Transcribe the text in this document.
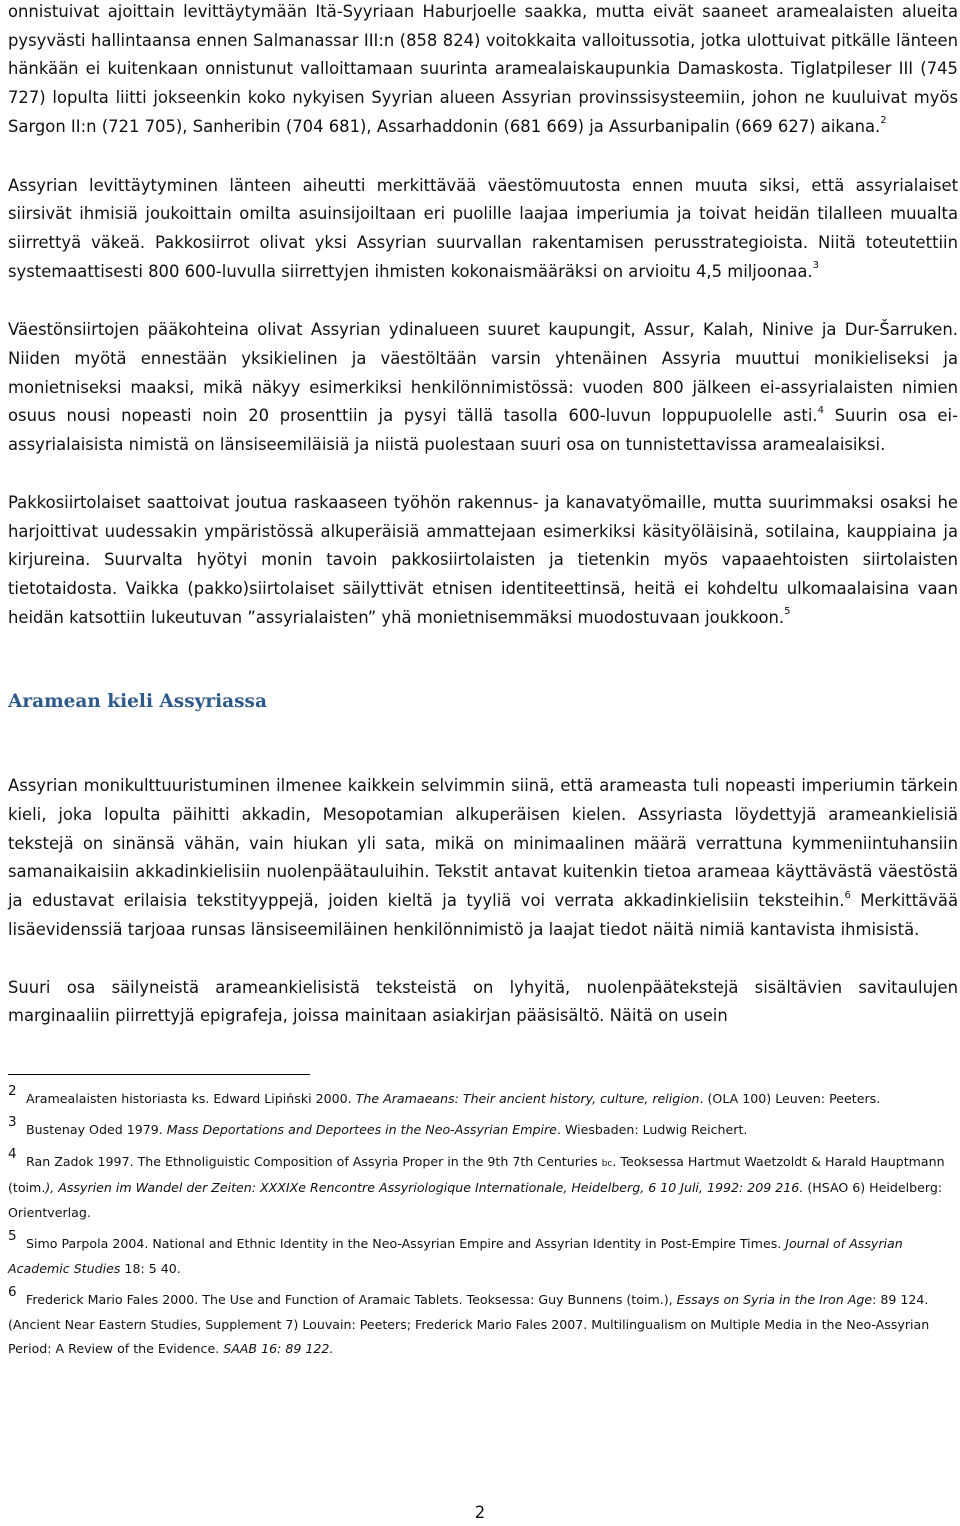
onnistuivat ajoittain levittäytymään Itä-Syyriaan Haburjoelle saakka, mutta eivät saaneet aramealaisten alueita pysyvästi hallintaansa ennen Salmanassar III:n (858 824) voitokkaita valloitussotia, jotka ulottuivat pitkälle länteen hänkään ei kuitenkaan onnistunut valloittamaan suurinta aramealaiskaupunkia Damaskosta. Tiglatpileser III (745 727) lopulta liitti jokseenkin koko nykyisen Syyrian alueen Assyrian provinssisysteemiin, johon ne kuuluivat myös Sargon II:n (721 705), Sanheribin (704 681), Assarhaddonin (681 669) ja Assurbanipalin (669 627) aikana.$^2$

Assyrian levittäytyminen länteen aiheutti merkittävää väestömuutosta ennen muuta siksi, että assyrialaiset siirsivät ihmisiä joukoittain omilta asuinsijoiltaan eri puolille laajaa imperiumia ja toivat heidän tilalleen muualta siirrettyä väkeä. Pakkosiirrot olivat yksi Assyrian suurvallan rakentamisen perusstrategioista. Niitä toteutettiin systemaattisesti 800 600-luvulla siirrettyjen ihmisten kokonaismääräksi on arvioitu 4,5 miljoonaa.$^3$

Väestönsiirtojen pääkohteina olivat Assyrian ydinalueen suuret kaupungit, Assur, Kalah, Ninive ja Dur-Šarruken. Niiden myötä ennestään yksikielinen ja väestöltään varsin yhtenäinen Assyria muuttui monikieliseksi ja monietniseksi maaksi, mikä näkyy esimerkiksi henkilönnimistössä: vuoden 800 jälkeen ei-assyrialaisten nimien osuus nousi nopeasti noin 20 prosenttiin ja pysyi tällä tasolla 600-luvun loppupuolelle asti.$^4$ Suurin osa ei-assyrialaisista nimistä on länsiseemiläisiä ja niistä puolestaan suuri osa on tunnistettavissa aramealaisiksi.

Pakkosiirtolaiset saattoivat joutua raskaaseen työhön rakennus- ja kanavatyömaille, mutta suurimmaksi osaksi he harjoittivat uudessakin ympäristössä alkuperäisiä ammattejaan esimerkiksi käsityöläisinä, sotilaina, kauppiaina ja kirjureina. Suurvalta hyötyi monin tavoin pakkosiirtolaisten ja tietenkin myös vapaaehtoisten siirtolaisten tietotaidosta. Vaikka (pakko)siirtolaiset säilyttivät etnisen identiteettinsä, heitä ei kohdeltu ulkomaalaisina vaan heidän katsottiin lukeutuvan ”assyrialaisten” yhä monietnisemmäksi muodostuvaan joukkoon.$^5$

Aramean kieli Assyriassa

Assyrian monikulttuuristuminen ilmenee kaikkein selvimmin siinä, että arameasta tuli nopeasti imperiumin tärkein kieli, joka lopulta päihitti akkadin, Mesopotamian alkuperäisen kielen. Assyriasta löydettyjä arameankielisiä tekstejä on sinänsä vähän, vain hiukan yli sata, mikä on minimaalinen määrä verrattuna kymmeniintuhansiin samanaikaisiin akkadinkielisiin nuolenpäätauluihin. Tekstit antavat kuitenkin tietoa arameaa käyttävästä väestöstä ja edustavat erilaisia tekstityyppejä, joiden kieltä ja tyyliä voi verrata akkadinkielisiin teksteihin.$^6$ Merkittävää lisäevidenssiä tarjoaa runsas länsiseemiläinen henkilönnimistö ja laajat tiedot näitä nimiä kantavista ihmisistä.

Suuri osa säilyneistä arameankielisistä teksteistä on lyhyitä, nuolenpäätekstejä sisältävien savitaulujen marginaaliin piirrettyjä epigrafeja, joissa mainitaan asiakirjan pääsisältö. Näitä on usein

2 Aramealaisten historiasta ks. Edward Lipiński 2000. The Aramaeans: Their ancient history, culture, religion. (OLA 100) Leuven: Peeters.

3 Bustenay Oded 1979. Mass Deportations and Deportees in the Neo-Assyrian Empire. Wiesbaden: Ludwig Reichert.

4 Ran Zadok 1997. The Ethnoliguistic Composition of Assyria Proper in the 9th 7th Centuries bc. Teoksessa Hartmut Waetzoldt & Harald Hauptmann (toim.), Assyrien im Wandel der Zeiten: XXXIXe Rencontre Assyriologique Internationale, Heidelberg, 6 10 Juli, 1992: 209 216. (HSAO 6) Heidelberg: Orientverlag.

5 Simo Parpola 2004. National and Ethnic Identity in the Neo-Assyrian Empire and Assyrian Identity in Post-Empire Times. Journal of Assyrian Academic Studies 18: 5 40.

6 Frederick Mario Fales 2000. The Use and Function of Aramaic Tablets. Teoksessa: Guy Bunnens (toim.), Essays on Syria in the Iron Age: 89 124. (Ancient Near Eastern Studies, Supplement 7) Louvain: Peeters; Frederick Mario Fales 2007. Multilingualism on Multiple Media in the Neo-Assyrian Period: A Review of the Evidence. SAAB 16: 89 122.

2
